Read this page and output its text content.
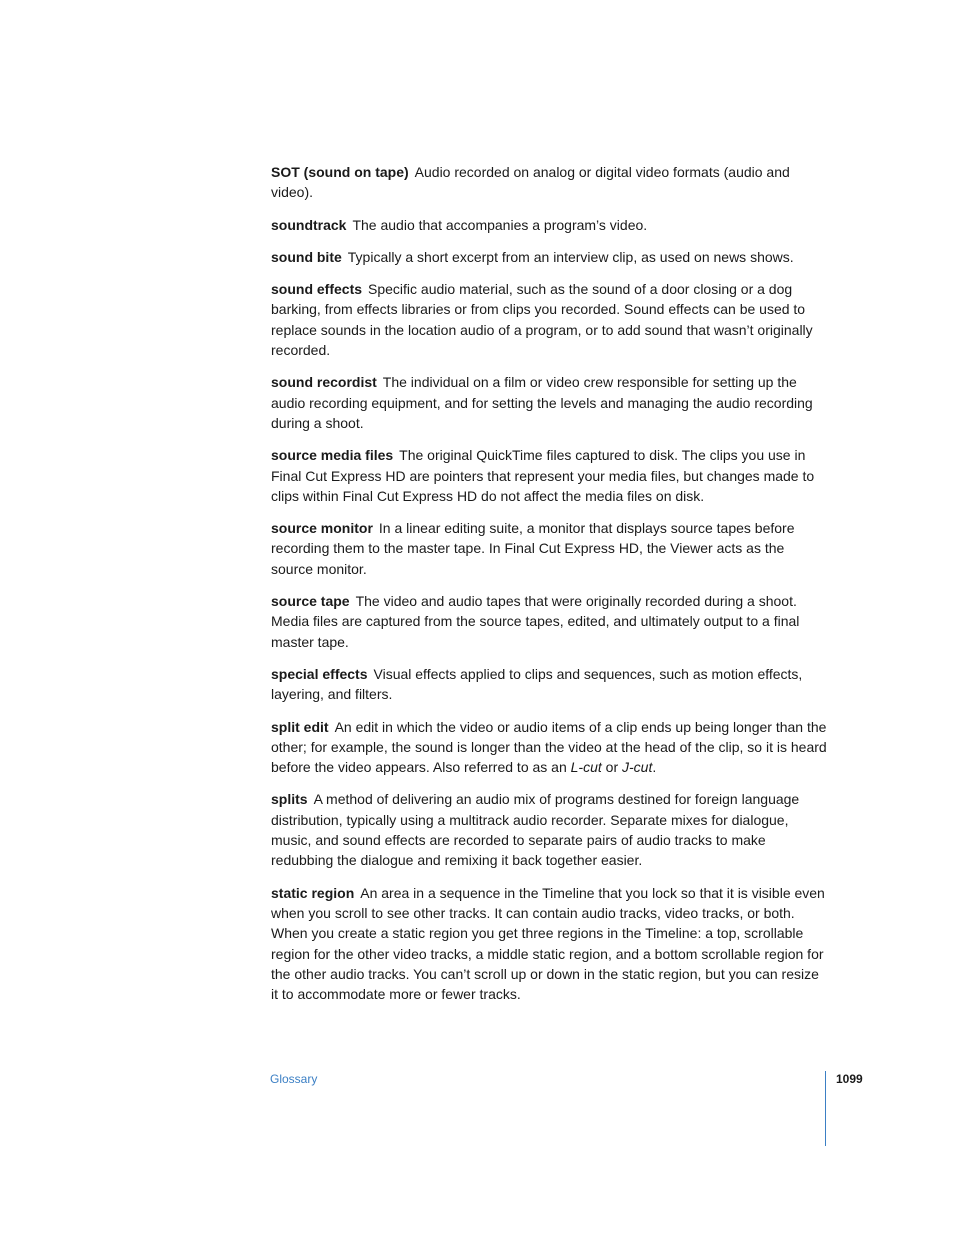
SOT (sound on tape) Audio recorded on analog or digital video formats (audio and video).

soundtrack The audio that accompanies a program’s video.

sound bite Typically a short excerpt from an interview clip, as used on news shows.

sound effects Specific audio material, such as the sound of a door closing or a dog barking, from effects libraries or from clips you recorded. Sound effects can be used to replace sounds in the location audio of a program, or to add sound that wasn’t originally recorded.

sound recordist The individual on a film or video crew responsible for setting up the audio recording equipment, and for setting the levels and managing the audio recording during a shoot.

source media files The original QuickTime files captured to disk. The clips you use in Final Cut Express HD are pointers that represent your media files, but changes made to clips within Final Cut Express HD do not affect the media files on disk.

source monitor In a linear editing suite, a monitor that displays source tapes before recording them to the master tape. In Final Cut Express HD, the Viewer acts as the source monitor.

source tape The video and audio tapes that were originally recorded during a shoot. Media files are captured from the source tapes, edited, and ultimately output to a final master tape.

special effects Visual effects applied to clips and sequences, such as motion effects, layering, and filters.

split edit An edit in which the video or audio items of a clip ends up being longer than the other; for example, the sound is longer than the video at the head of the clip, so it is heard before the video appears. Also referred to as an L-cut or J-cut.

splits A method of delivering an audio mix of programs destined for foreign language distribution, typically using a multitrack audio recorder. Separate mixes for dialogue, music, and sound effects are recorded to separate pairs of audio tracks to make redubbing the dialogue and remixing it back together easier.

static region An area in a sequence in the Timeline that you lock so that it is visible even when you scroll to see other tracks. It can contain audio tracks, video tracks, or both. When you create a static region you get three regions in the Timeline: a top, scrollable region for the other video tracks, a middle static region, and a bottom scrollable region for the other audio tracks. You can’t scroll up or down in the static region, but you can resize it to accommodate more or fewer tracks.

Glossary	1099
